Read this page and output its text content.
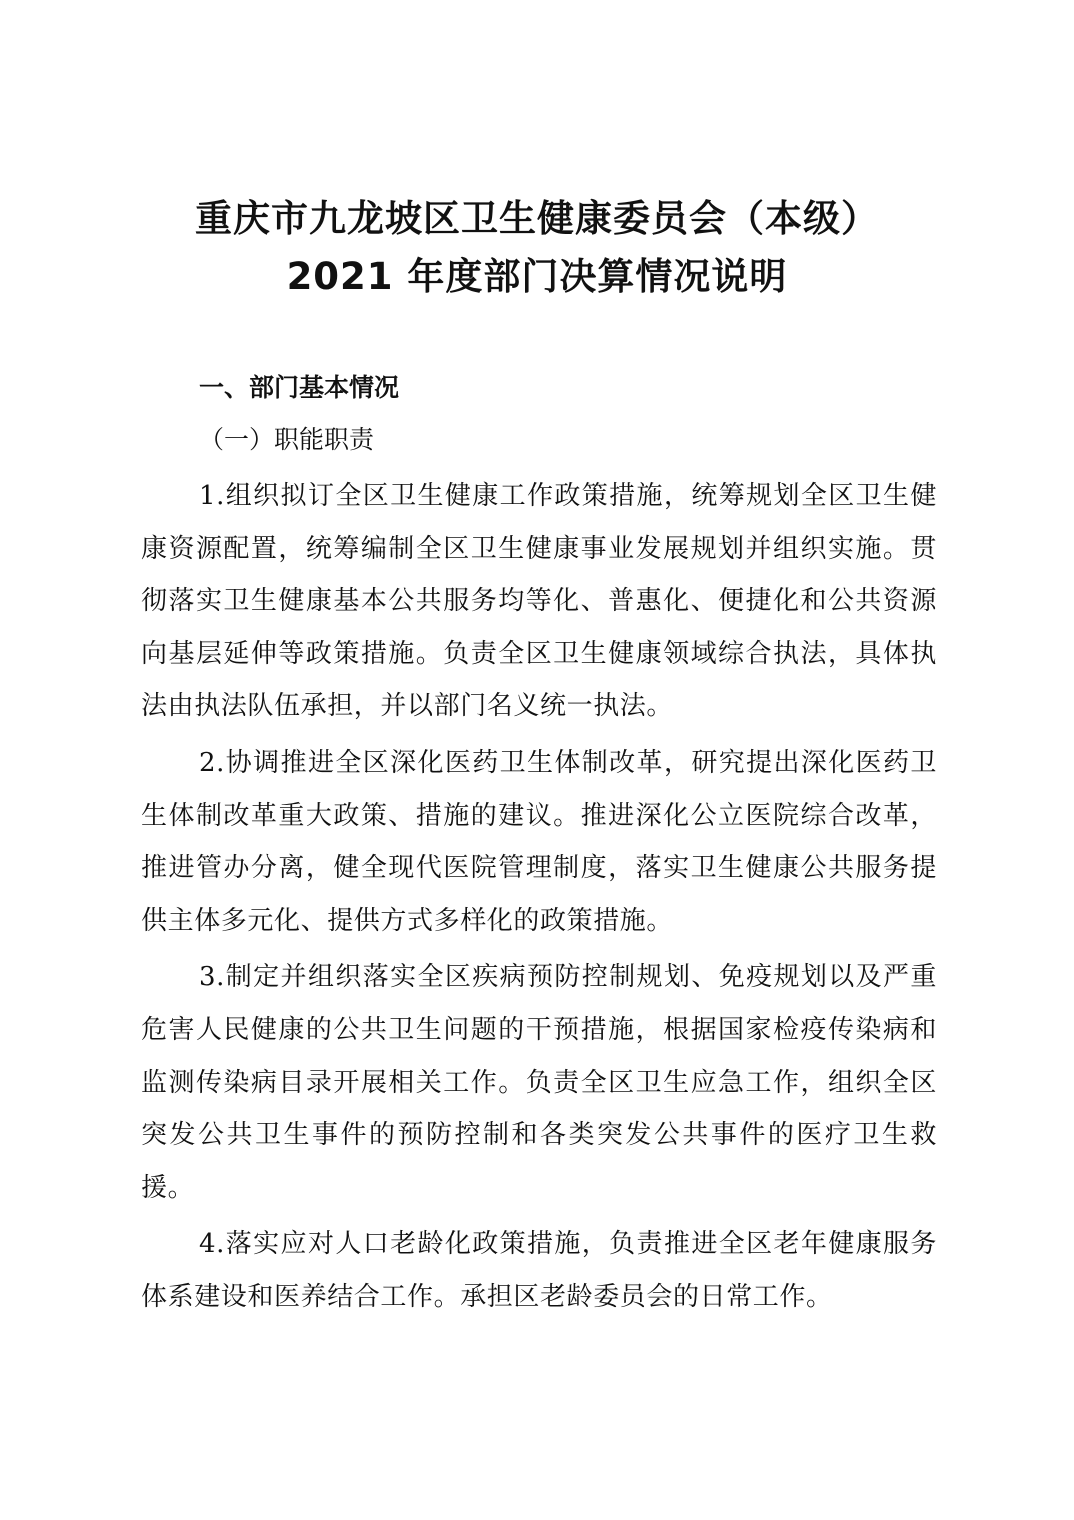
重庆市九龙坡区卫生健康委员会（本级）
2021 年度部门决算情况说明
一、部门基本情况
（一）职能职责

1.组织拟订全区卫生健康工作政策措施，统筹规划全区卫生健康资源配置，统筹编制全区卫生健康事业发展规划并组织实施。贯彻落实卫生健康基本公共服务均等化、普惠化、便捷化和公共资源向基层延伸等政策措施。负责全区卫生健康领域综合执法，具体执法由执法队伍承担，并以部门名义统一执法。

2.协调推进全区深化医药卫生体制改革，研究提出深化医药卫生体制改革重大政策、措施的建议。推进深化公立医院综合改革，推进管办分离，健全现代医院管理制度，落实卫生健康公共服务提供主体多元化、提供方式多样化的政策措施。

3.制定并组织落实全区疾病预防控制规划、免疫规划以及严重危害人民健康的公共卫生问题的干预措施，根据国家检疫传染病和监测传染病目录开展相关工作。负责全区卫生应急工作，组织全区突发公共卫生事件的预防控制和各类突发公共事件的医疗卫生救援。

4.落实应对人口老龄化政策措施，负责推进全区老年健康服务体系建设和医养结合工作。承担区老龄委员会的日常工作。
